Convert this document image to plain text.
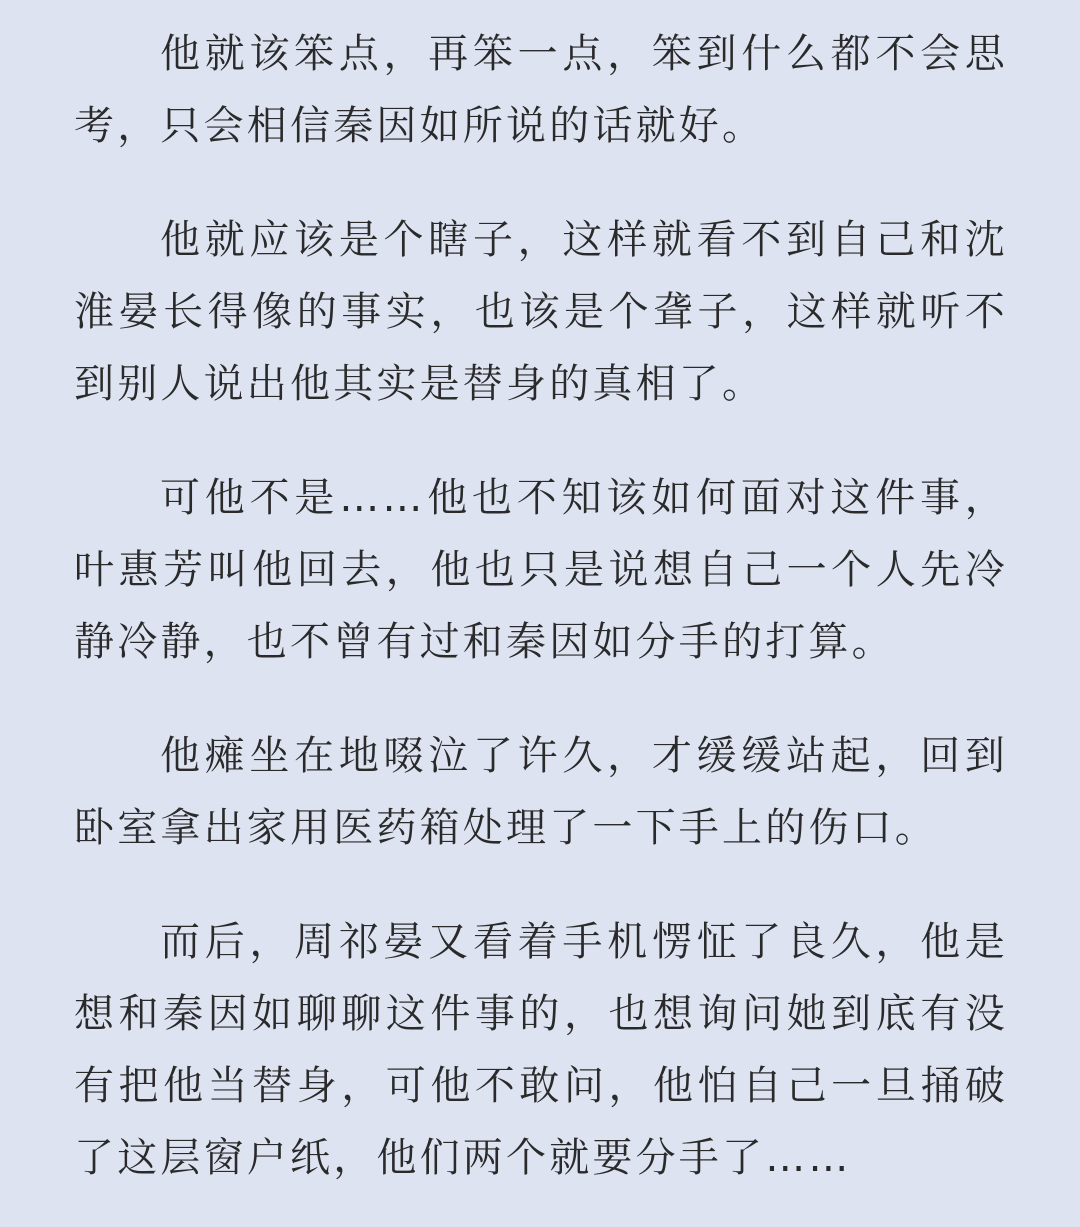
他就该笨点，再笨一点，笨到什么都不会思考，只会相信秦因如所说的话就好。

他就应该是个瞎子，这样就看不到自己和沈淮晏长得像的事实，也该是个聋子，这样就听不到别人说出他其实是替身的真相了。

可他不是……他也不知该如何面对这件事，叶惠芳叫他回去，他也只是说想自己一个人先冷静冷静，也不曾有过和秦因如分手的打算。

他瘫坐在地啜泣了许久，才缓缓站起，回到卧室拿出家用医药箱处理了一下手上的伤口。

而后，周祁晏又看着手机愣怔了良久，他是想和秦因如聊聊这件事的，也想询问她到底有没有把他当替身，可他不敢问，他怕自己一旦捅破了这层窗户纸，他们两个就要分手了……
